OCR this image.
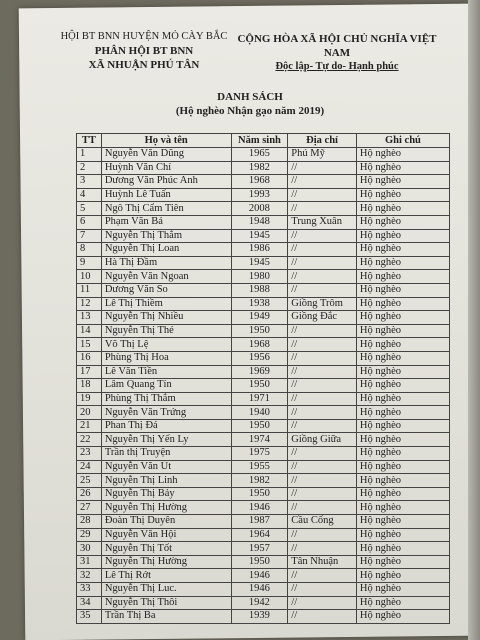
HỘI BT BNN HUYỆN MỎ CÀY BẮC
PHÂN HỘI BT BNN
XÃ NHUẬN PHÚ TÂN
CỘNG HÒA XÃ HỘI CHỦ NGHĨA VIỆT NAM
Độc lập- Tự do- Hạnh phúc
DANH SÁCH
(Hộ nghèo Nhận gạo năm 2019)
TT	Họ và tên	Năm sinh	Địa chỉ	Ghi chú
1	Nguyễn Văn Dũng	1965	Phú Mỹ	Hộ nghèo
2	Huỳnh Văn Chí	1982	//	Hộ nghèo
3	Dương Văn Phúc Anh	1968	//	Hộ nghèo
4	Huỳnh Lê Tuấn	1993	//	Hộ nghèo
5	Ngô Thị Cẩm Tiên	2008	//	Hộ nghèo
6	Phạm Văn Bá	1948	Trung Xuân	Hộ nghèo
7	Nguyễn Thị Thắm	1945	//	Hộ nghèo
8	Nguyễn Thị Loan	1986	//	Hộ nghèo
9	Hà Thị Đầm	1945	//	Hộ nghèo
10	Nguyễn Văn Ngoan	1980	//	Hộ nghèo
11	Dương Văn So	1988	//	Hộ nghèo
12	Lê Thị Thiềm	1938	Giồng Trôm	Hộ nghèo
13	Nguyễn Thị Nhiều	1949	Giồng Đắc	Hộ nghèo
14	Nguyễn Thị Thé	1950	//	Hộ nghèo
15	Võ Thị Lệ	1968	//	Hộ nghèo
16	Phùng Thị Hoa	1956	//	Hộ nghèo
17	Lê Văn Tiền	1969	//	Hộ nghèo
18	Lâm Quang Tín	1950	//	Hộ nghèo
19	Phùng Thị Thắm	1971	//	Hộ nghèo
20	Nguyễn Văn Trứng	1940	//	Hộ nghèo
21	Phan Thị Đá	1950	//	Hộ nghèo
22	Nguyễn Thị Yến Ly	1974	Giồng Giữa	Hộ nghèo
23	Trần thị Truyện	1975	//	Hộ nghèo
24	Nguyễn Văn Út	1955	//	Hộ nghèo
25	Nguyễn Thị Linh	1982	//	Hộ nghèo
26	Nguyễn Thị Bảy	1950	//	Hộ nghèo
27	Nguyễn Thị Hường	1946	//	Hộ nghèo
28	Đoàn Thị Duyên	1987	Cầu Cống	Hộ nghèo
29	Nguyễn Văn Hội	1964	//	Hộ nghèo
30	Nguyễn Thị Tốt	1957	//	Hộ nghèo
31	Nguyễn Thị Hường	1950	Tân Nhuận	Hộ nghèo
32	Lê Thị Rớt	1946	//	Hộ nghèo
33	Nguyễn Thị Luc.	1946	//	Hộ nghèo
34	Nguyễn Thị Thôi	1942	//	Hộ nghèo
35	Trần Thị Ba	1939	//	Hộ nghèo
